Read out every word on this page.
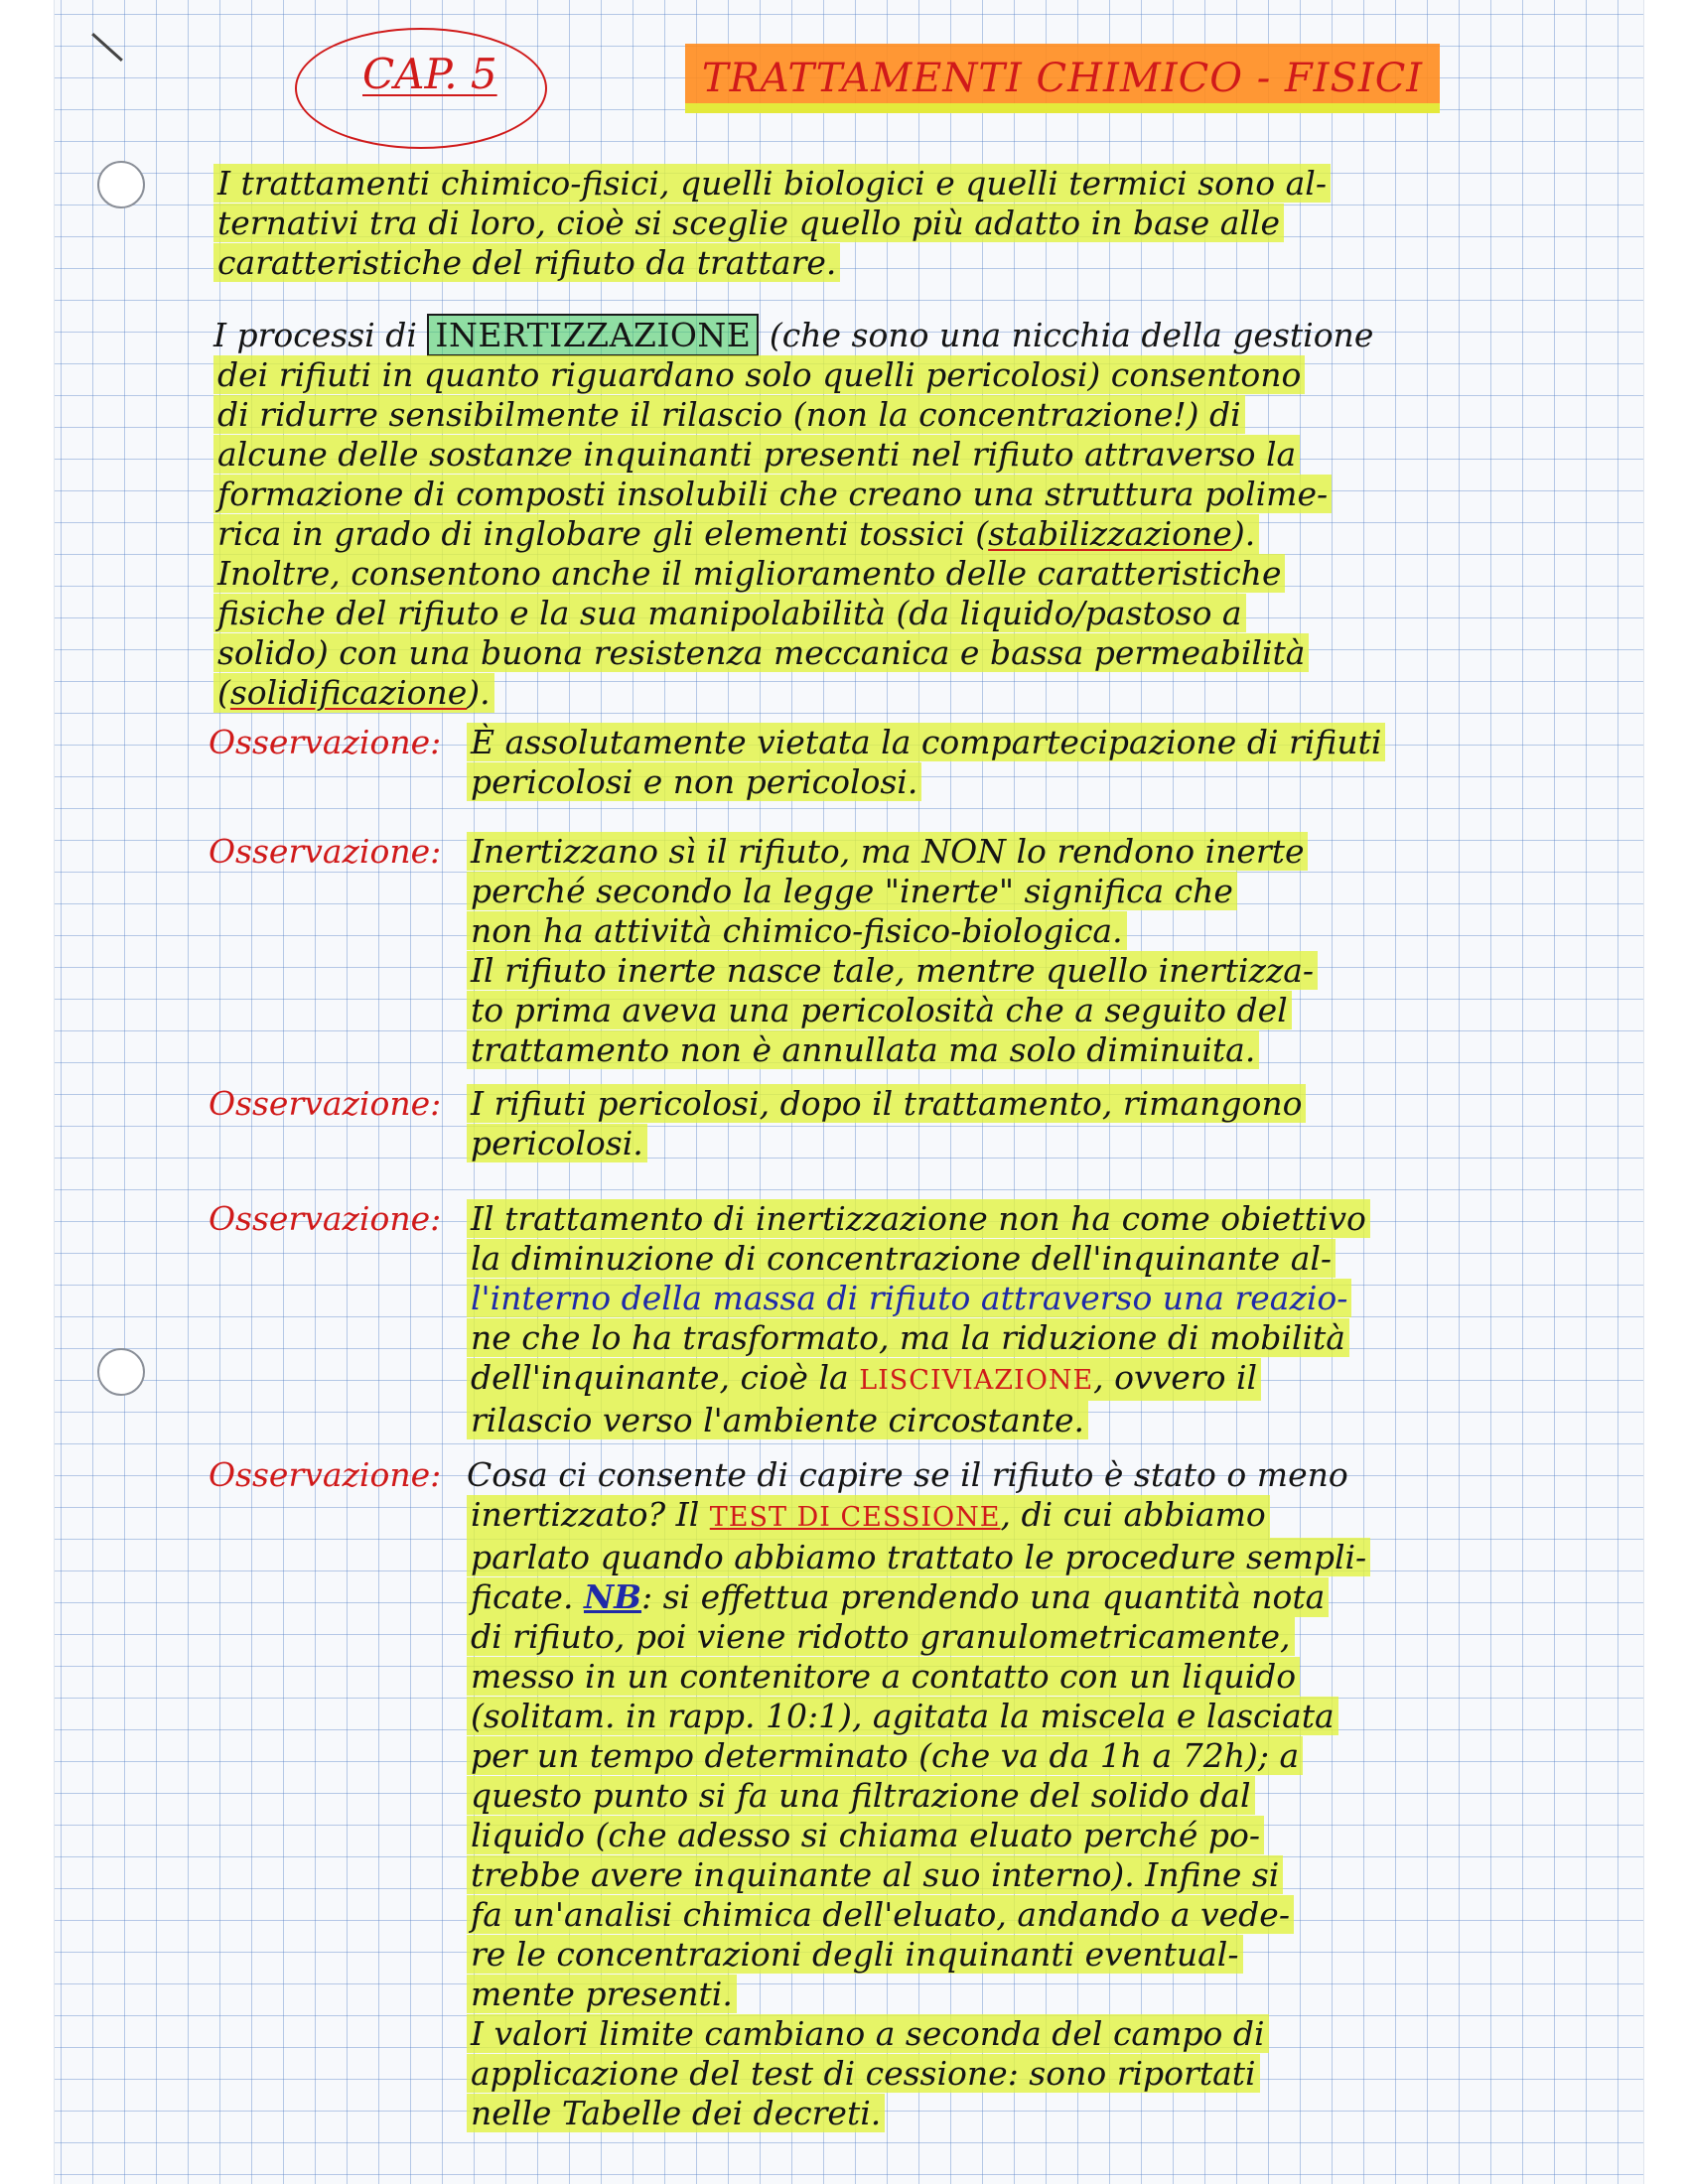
CAP. 5	TRATTAMENTI CHIMICO - FISICI
I trattamenti chimico-fisici, quelli biologici e quelli termici sono al-
ternativi tra di loro, cioè si sceglie quello più adatto in base alle
caratteristiche del rifiuto da trattare.
I processi di INERTIZZAZIONE (che sono una nicchia della gestione
dei rifiuti in quanto riguardano solo quelli pericolosi) consentono
di ridurre sensibilmente il rilascio (non la concentrazione!) di
alcune delle sostanze inquinanti presenti nel rifiuto attraverso la
formazione di composti insolubili che creano una struttura polime-
rica in grado di inglobare gli elementi tossici (stabilizzazione).
Inoltre, consentono anche il miglioramento delle caratteristiche
fisiche del rifiuto e la sua manipolabilità (da liquido/pastoso a
solido) con una buona resistenza meccanica e bassa permeabilità
(solidificazione).
Osservazione: È assolutamente vietata la compartecipazione di rifiuti
pericolosi e non pericolosi.
Osservazione: Inertizzano sì il rifiuto, ma NON lo rendono inerte
perché secondo la legge "inerte" significa che
non ha attività chimico-fisico-biologica.
Il rifiuto inerte nasce tale, mentre quello inertizza-
to prima aveva una pericolosità che a seguito del
trattamento non è annullata ma solo diminuita.
Osservazione: I rifiuti pericolosi, dopo il trattamento, rimangono
pericolosi.
Osservazione: Il trattamento di inertizzazione non ha come obiettivo
la diminuzione di concentrazione dell'inquinante al-
l'interno della massa di rifiuto attraverso una reazio-
ne che lo ha trasformato, ma la riduzione di mobilità
dell'inquinante, cioè la LISCIVIAZIONE, ovvero il
rilascio verso l'ambiente circostante.
Osservazione: Cosa ci consente di capire se il rifiuto è stato o meno
inertizzato? Il TEST DI CESSIONE, di cui abbiamo
parlato quando abbiamo trattato le procedure sempli-
ficate. NB: si effettua prendendo una quantità nota
di rifiuto, poi viene ridotto granulometricamente,
messo in un contenitore a contatto con un liquido
(solitam. in rapp. 10:1), agitata la miscela e lasciata
per un tempo determinato (che va da 1h a 72h); a
questo punto si fa una filtrazione del solido dal
liquido (che adesso si chiama eluato perché po-
trebbe avere inquinante al suo interno). Infine si
fa un'analisi chimica dell'eluato, andando a vede-
re le concentrazioni degli inquinanti eventual-
mente presenti.
I valori limite cambiano a seconda del campo di
applicazione del test di cessione: sono riportati
nelle Tabelle dei decreti.
